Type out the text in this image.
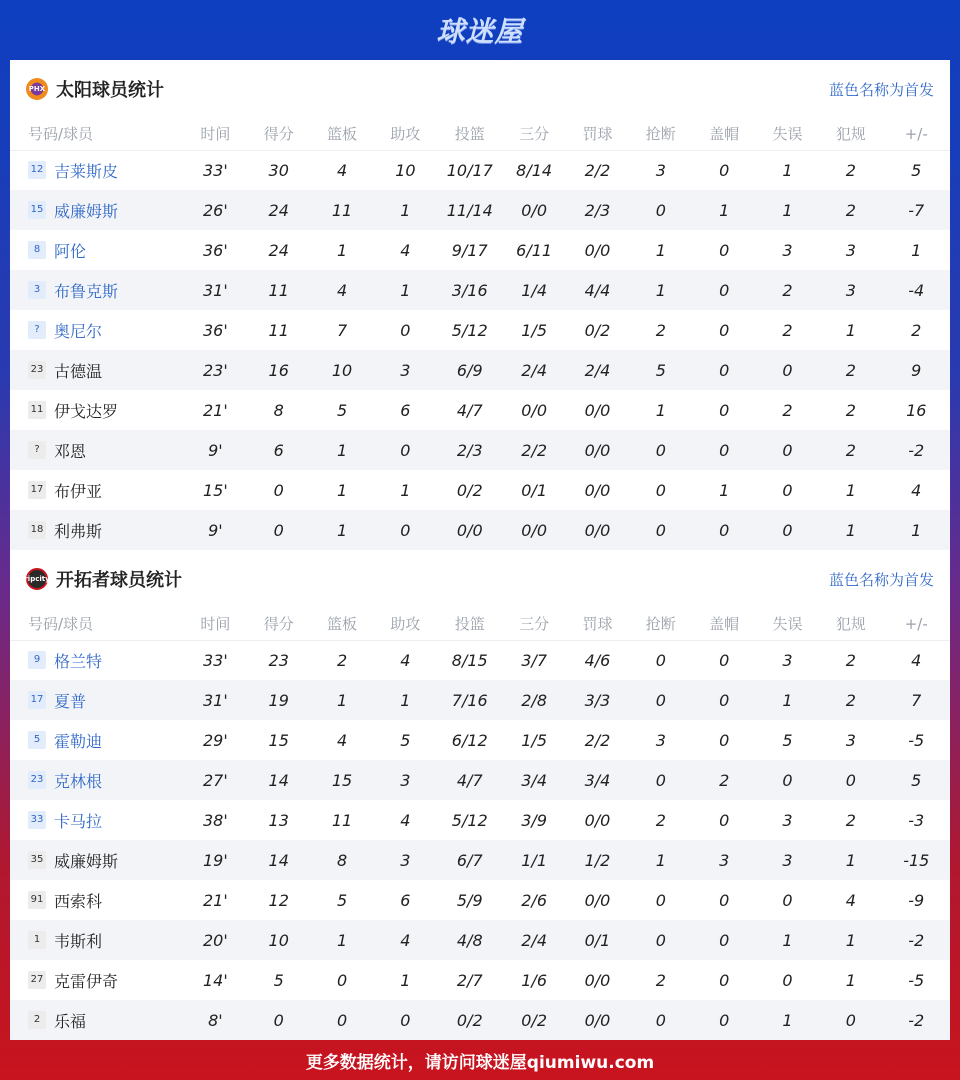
球迷屋
PHX 太阳球员统计	蓝色名称为首发
号码/球员	时间	得分	篮板	助攻	投篮	三分	罚球	抢断	盖帽	失误	犯规	+/-
12 吉莱斯皮	33'	30	4	10	10/17	8/14	2/2	3	0	1	2	5
15 威廉姆斯	26'	24	11	1	11/14	0/0	2/3	0	1	1	2	-7
8 阿伦	36'	24	1	4	9/17	6/11	0/0	1	0	3	3	1
3 布鲁克斯	31'	11	4	1	3/16	1/4	4/4	1	0	2	3	-4
? 奥尼尔	36'	11	7	0	5/12	1/5	0/2	2	0	2	1	2
23 古德温	23'	16	10	3	6/9	2/4	2/4	5	0	0	2	9
11 伊戈达罗	21'	8	5	6	4/7	0/0	0/0	1	0	2	2	16
? 邓恩	9'	6	1	0	2/3	2/2	0/0	0	0	0	2	-2
17 布伊亚	15'	0	1	1	0/2	0/1	0/0	0	1	0	1	4
18 利弗斯	9'	0	1	0	0/0	0/0	0/0	0	0	0	1	1
ripcity 开拓者球员统计	蓝色名称为首发
号码/球员	时间	得分	篮板	助攻	投篮	三分	罚球	抢断	盖帽	失误	犯规	+/-
9 格兰特	33'	23	2	4	8/15	3/7	4/6	0	0	3	2	4
17 夏普	31'	19	1	1	7/16	2/8	3/3	0	0	1	2	7
5 霍勒迪	29'	15	4	5	6/12	1/5	2/2	3	0	5	3	-5
23 克林根	27'	14	15	3	4/7	3/4	3/4	0	2	0	0	5
33 卡马拉	38'	13	11	4	5/12	3/9	0/0	2	0	3	2	-3
35 威廉姆斯	19'	14	8	3	6/7	1/1	1/2	1	3	3	1	-15
91 西索科	21'	12	5	6	5/9	2/6	0/0	0	0	0	4	-9
1 韦斯利	20'	10	1	4	4/8	2/4	0/1	0	0	1	1	-2
27 克雷伊奇	14'	5	0	1	2/7	1/6	0/0	2	0	0	1	-5
2 乐福	8'	0	0	0	0/2	0/2	0/0	0	0	1	0	-2
更多数据统计，请访问球迷屋qiumiwu.com
